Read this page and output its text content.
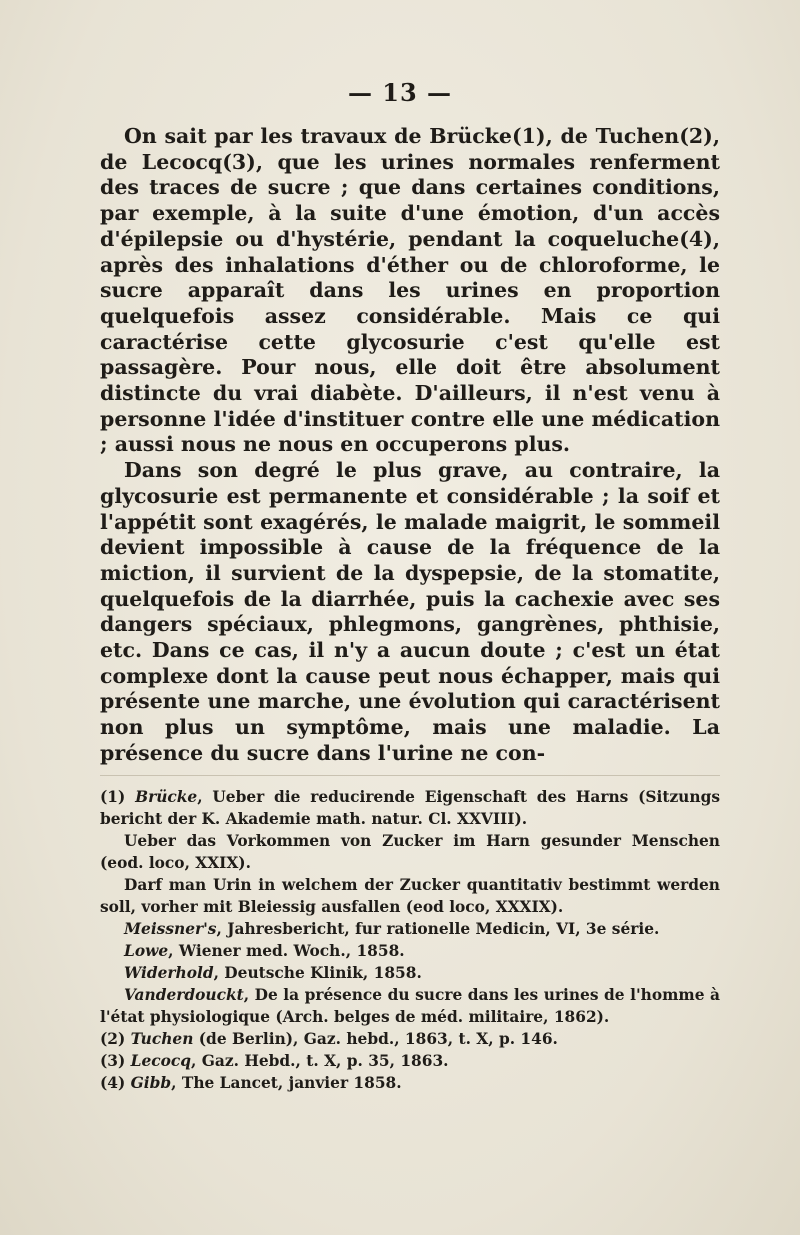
— 13 —

On sait par les travaux de Brücke(1), de Tuchen(2), de Lecocq(3), que les urines normales renferment des traces de sucre ; que dans certaines conditions, par exemple, à la suite d'une émotion, d'un accès d'épilepsie ou d'hystérie, pendant la coqueluche(4), après des inhalations d'éther ou de chloroforme, le sucre apparaît dans les urines en proportion quelquefois assez considérable. Mais ce qui caractérise cette glycosurie c'est qu'elle est passagère. Pour nous, elle doit être absolument distincte du vrai diabète. D'ailleurs, il n'est venu à personne l'idée d'instituer contre elle une médication ; aussi nous ne nous en occuperons plus.

Dans son degré le plus grave, au contraire, la glycosurie est permanente et considérable ; la soif et l'appétit sont exagérés, le malade maigrit, le sommeil devient impossible à cause de la fréquence de la miction, il survient de la dyspepsie, de la stomatite, quelquefois de la diarrhée, puis la cachexie avec ses dangers spéciaux, phlegmons, gangrènes, phthisie, etc. Dans ce cas, il n'y a aucun doute ; c'est un état complexe dont la cause peut nous échapper, mais qui présente une marche, une évolution qui caractérisent non plus un symptôme, mais une maladie. La présence du sucre dans l'urine ne con-

(1) Brücke, Ueber die reducirende Eigenschaft des Harns (Sitzungs bericht der K. Akademie math. natur. Cl. XXVIII).

Ueber das Vorkommen von Zucker im Harn gesunder Menschen (eod. loco, XXIX).

Darf man Urin in welchem der Zucker quantitativ bestimmt werden soll, vorher mit Bleiessig ausfallen (eod loco, XXXIX).

Meissner's, Jahresbericht, fur rationelle Medicin, VI, 3e série.

Lowe, Wiener med. Woch., 1858.

Widerhold, Deutsche Klinik, 1858.

Vanderdouckt, De la présence du sucre dans les urines de l'homme à l'état physiologique (Arch. belges de méd. militaire, 1862).

(2) Tuchen (de Berlin), Gaz. hebd., 1863, t. X, p. 146.

(3) Lecocq, Gaz. Hebd., t. X, p. 35, 1863.

(4) Gibb, The Lancet, janvier 1858.
